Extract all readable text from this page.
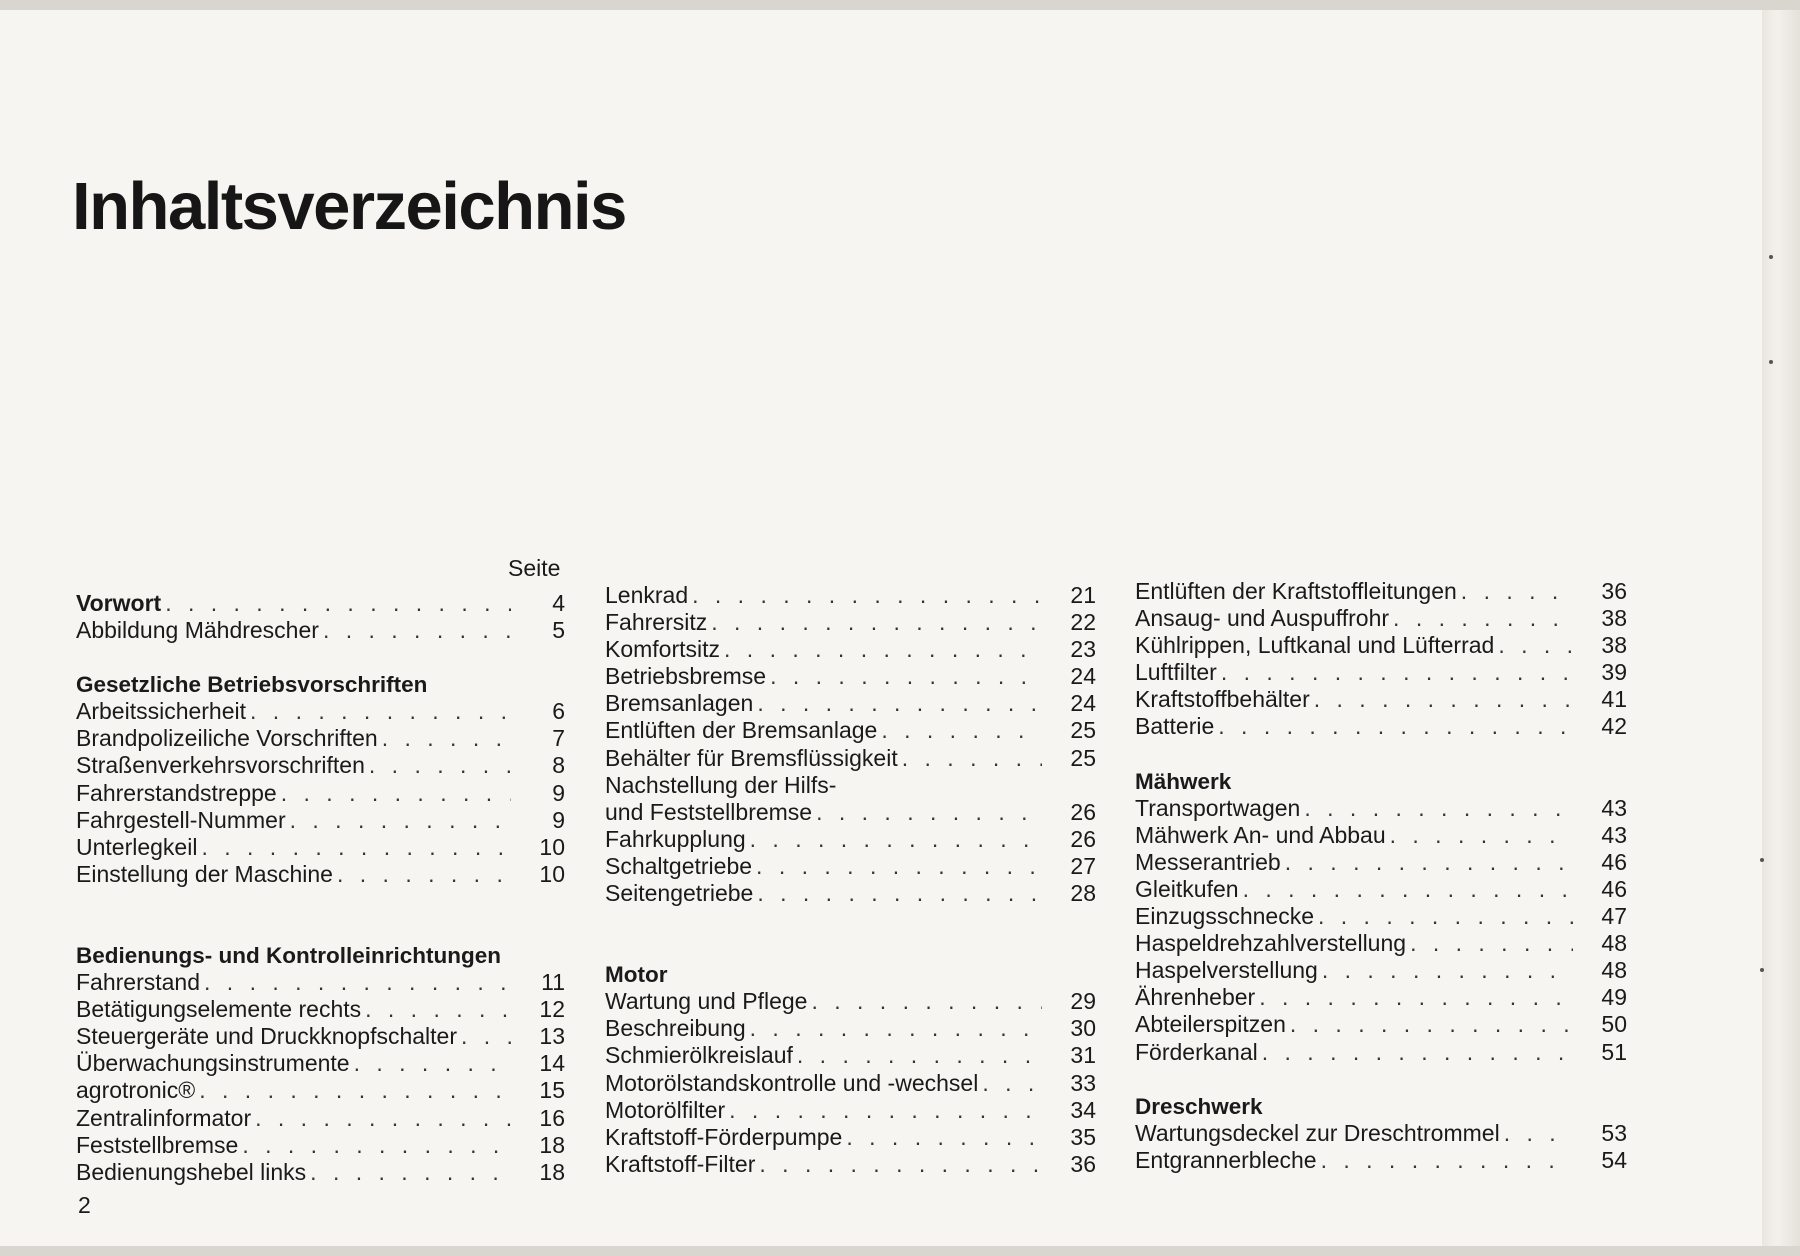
Inhaltsverzeichnis
Seite
Vorwort . . .	4
Abbildung Mähdrescher . . .	5
Gesetzliche Betriebsvorschriften
Arbeitssicherheit . . .	6
Brandpolizeiliche Vorschriften . . .	7
Straßenverkehrsvorschriften . . .	8
Fahrerstandstreppe . . .	9
Fahrgestell-Nummer . . .	9
Unterlegkeil . . .	10
Einstellung der Maschine . . .	10
Bedienungs- und Kontrolleinrichtungen
Fahrerstand . . .	11
Betätigungselemente rechts . . .	12
Steuergeräte und Druckknopfschalter . . .	13
Überwachungsinstrumente . . .	14
agrotronic® . . .	15
Zentralinformator . . .	16
Feststellbremse . . .	18
Bedienungshebel links . . .	18
Lenkrad . . .	21
Fahrersitz . . .	22
Komfortsitz . . .	23
Betriebsbremse . . .	24
Bremsanlagen . . .	24
Entlüften der Bremsanlage . . .	25
Behälter für Bremsflüssigkeit . . .	25
Nachstellung der Hilfs-
und Feststellbremse . . .	26
Fahrkupplung . . .	26
Schaltgetriebe . . .	27
Seitengetriebe . . .	28
Motor
Wartung und Pflege . . .	29
Beschreibung . . .	30
Schmierölkreislauf . . .	31
Motorölstandskontrolle und -wechsel . . .	33
Motorölfilter . . .	34
Kraftstoff-Förderpumpe . . .	35
Kraftstoff-Filter . . .	36
Entlüften der Kraftstoffleitungen . . .	36
Ansaug- und Auspuffrohr . . .	38
Kühlrippen, Luftkanal und Lüfterrad . . .	38
Luftfilter . . .	39
Kraftstoffbehälter . . .	41
Batterie . . .	42
Mähwerk
Transportwagen . . .	43
Mähwerk An- und Abbau . . .	43
Messerantrieb . . .	46
Gleitkufen . . .	46
Einzugsschnecke . . .	47
Haspeldrehzahlverstellung . . .	48
Haspelverstellung . . .	48
Ährenheber . . .	49
Abteilerspitzen . . .	50
Förderkanal . . .	51
Dreschwerk
Wartungsdeckel zur Dreschtrommel . . .	53
Entgrannerbleche . . .	54
2
